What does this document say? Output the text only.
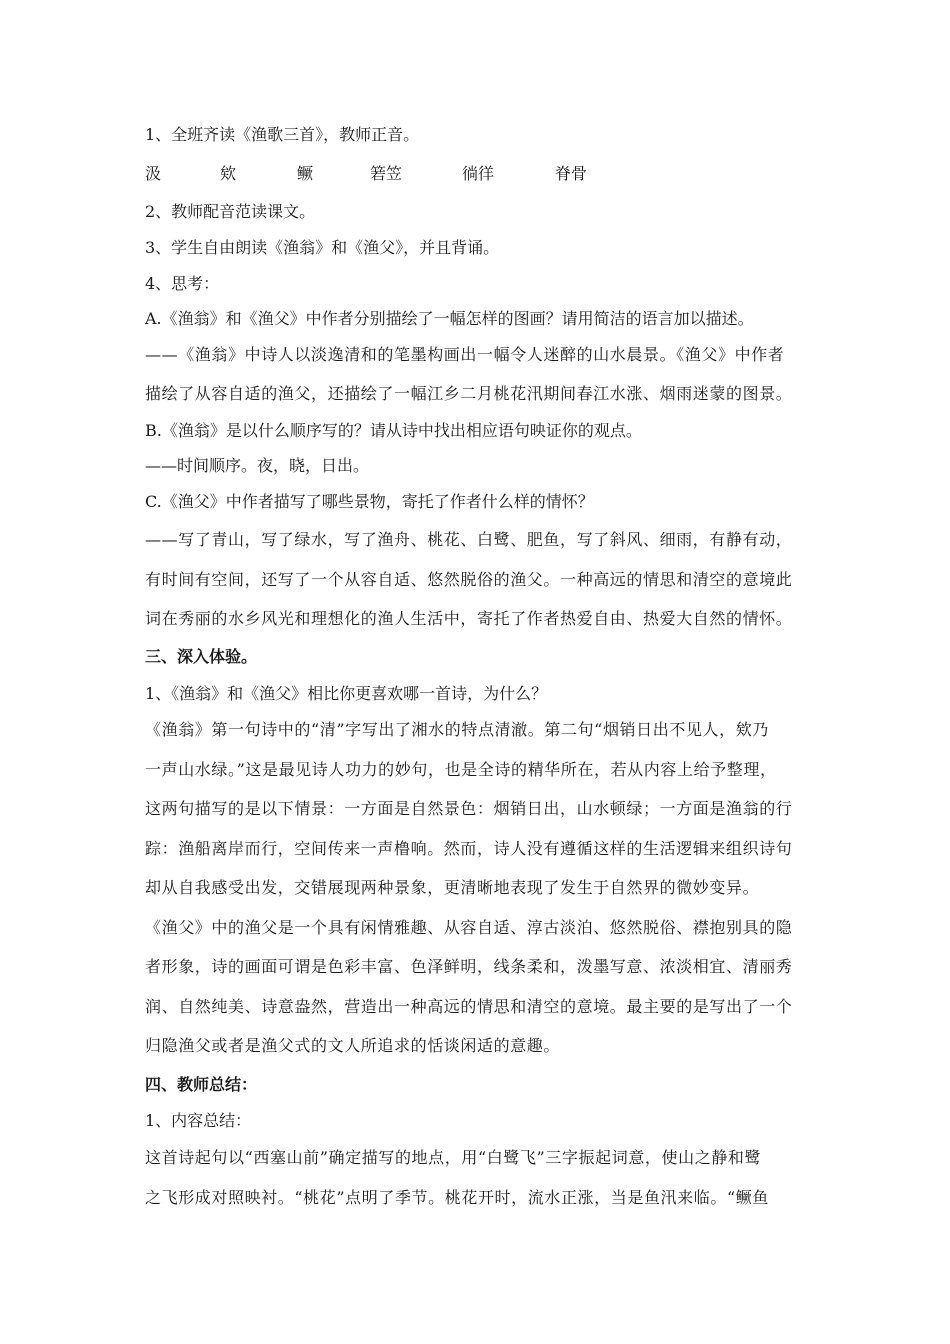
1、全班齐读《渔歌三首》，教师正音。
汲	欸	鳜	箬笠	徜徉	脊骨
2、教师配音范读课文。
3、学生自由朗读《渔翁》和《渔父》，并且背诵。
4、思考：
A.《渔翁》和《渔父》中作者分别描绘了一幅怎样的图画？请用简洁的语言加以描述。
——《渔翁》中诗人以淡逸清和的笔墨构画出一幅令人迷醉的山水晨景。《渔父》中作者
描绘了从容自适的渔父，还描绘了一幅江乡二月桃花汛期间春江水涨、烟雨迷蒙的图景。
B.《渔翁》是以什么顺序写的？请从诗中找出相应语句映证你的观点。
——时间顺序。夜，晓，日出。
C.《渔父》中作者描写了哪些景物，寄托了作者什么样的情怀？
——写了青山，写了绿水，写了渔舟、桃花、白鹭、肥鱼，写了斜风、细雨，有静有动，
有时间有空间，还写了一个从容自适、悠然脱俗的渔父。一种高远的情思和清空的意境此
词在秀丽的水乡风光和理想化的渔人生活中，寄托了作者热爱自由、热爱大自然的情怀。
三、深入体验。
1、《渔翁》和《渔父》相比你更喜欢哪一首诗，为什么？
《渔翁》第一句诗中的“清”字写出了湘水的特点清澈。第二句“烟销日出不见人，欸乃
一声山水绿。”这是最见诗人功力的妙句，也是全诗的精华所在，若从内容上给予整理，
这两句描写的是以下情景：一方面是自然景色：烟销日出，山水顿绿；一方面是渔翁的行
踪：渔船离岸而行，空间传来一声橹响。然而，诗人没有遵循这样的生活逻辑来组织诗句
却从自我感受出发，交错展现两种景象，更清晰地表现了发生于自然界的微妙变异。
《渔父》中的渔父是一个具有闲情雅趣、从容自适、淳古淡泊、悠然脱俗、襟抱别具的隐
者形象，诗的画面可谓是色彩丰富、色泽鲜明，线条柔和，泼墨写意、浓淡相宜、清丽秀
润、自然纯美、诗意盎然，营造出一种高远的情思和清空的意境。最主要的是写出了一个
归隐渔父或者是渔父式的文人所追求的恬谈闲适的意趣。
四、教师总结：
1、内容总结：
这首诗起句以“西塞山前”确定描写的地点，用“白鹭飞”三字振起词意，使山之静和鹭
之飞形成对照映衬。“桃花”点明了季节。桃花开时，流水正涨，当是鱼汛来临。“鳜鱼
